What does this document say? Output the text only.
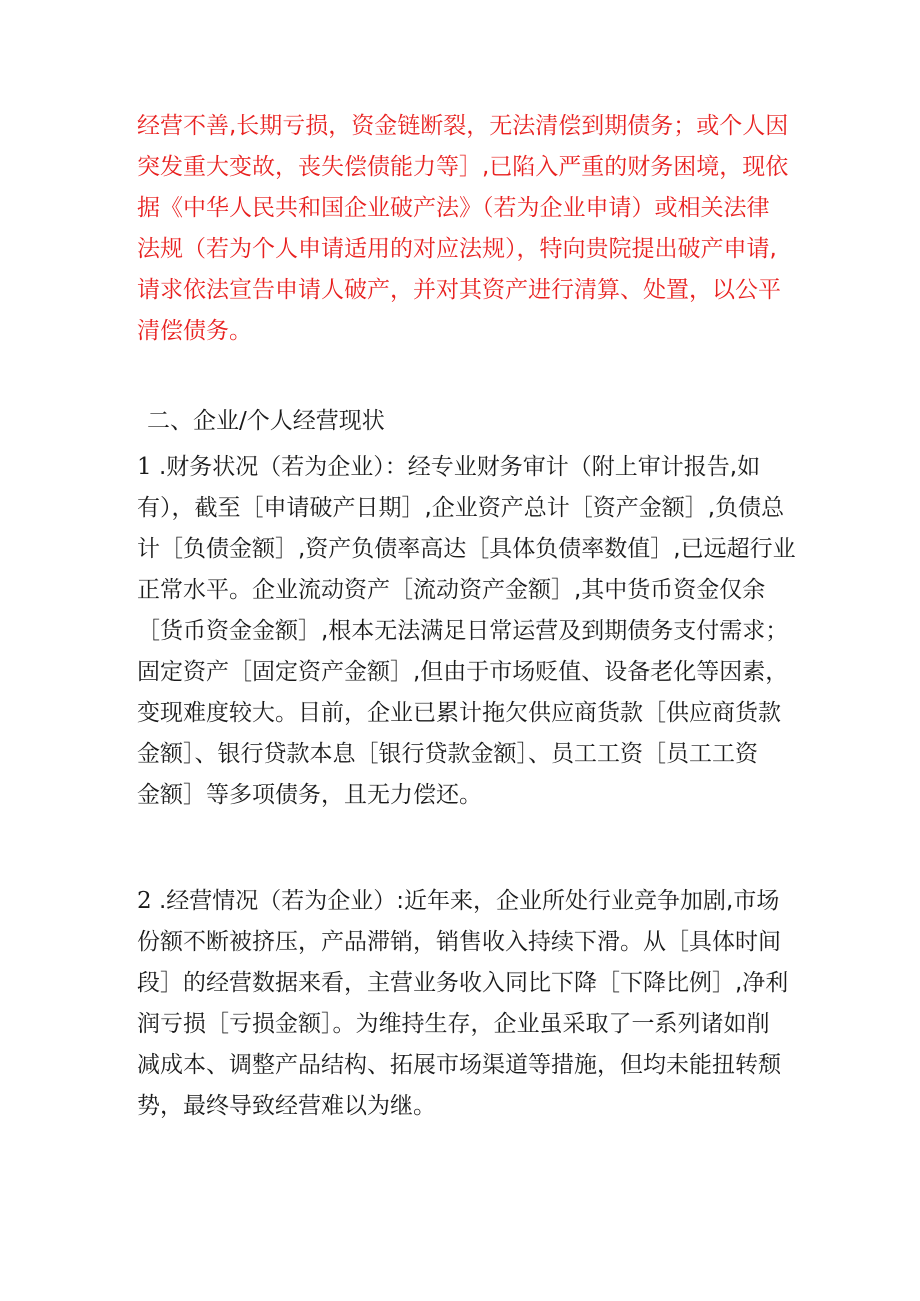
经营不善,长期亏损，资金链断裂，无法清偿到期债务；或个人因
突发重大变故，丧失偿债能力等］,已陷入严重的财务困境，现依
据《中华人民共和国企业破产法》（若为企业申请）或相关法律
法规（若为个人申请适用的对应法规），特向贵院提出破产申请,
请求依法宣告申请人破产，并对其资产进行清算、处置，以公平
清偿债务。
二、企业/个人经营现状
1 .财务状况（若为企业）：经专业财务审计（附上审计报告,如
有），截至［申请破产日期］,企业资产总计［资产金额］,负债总
计［负债金额］,资产负债率高达［具体负债率数值］,已远超行业
正常水平。企业流动资产［流动资产金额］,其中货币资金仅余
［货币资金金额］,根本无法满足日常运营及到期债务支付需求；
固定资产［固定资产金额］,但由于市场贬值、设备老化等因素，
变现难度较大。目前，企业已累计拖欠供应商货款［供应商货款
金额］、银行贷款本息［银行贷款金额］、员工工资［员工工资
金额］等多项债务，且无力偿还。
2 .经营情况（若为企业）:近年来，企业所处行业竞争加剧,市场
份额不断被挤压，产品滞销，销售收入持续下滑。从［具体时间
段］的经营数据来看，主营业务收入同比下降［下降比例］,净利
润亏损［亏损金额］。为维持生存，企业虽采取了一系列诸如削
减成本、调整产品结构、拓展市场渠道等措施，但均未能扭转颓
势，最终导致经营难以为继。
